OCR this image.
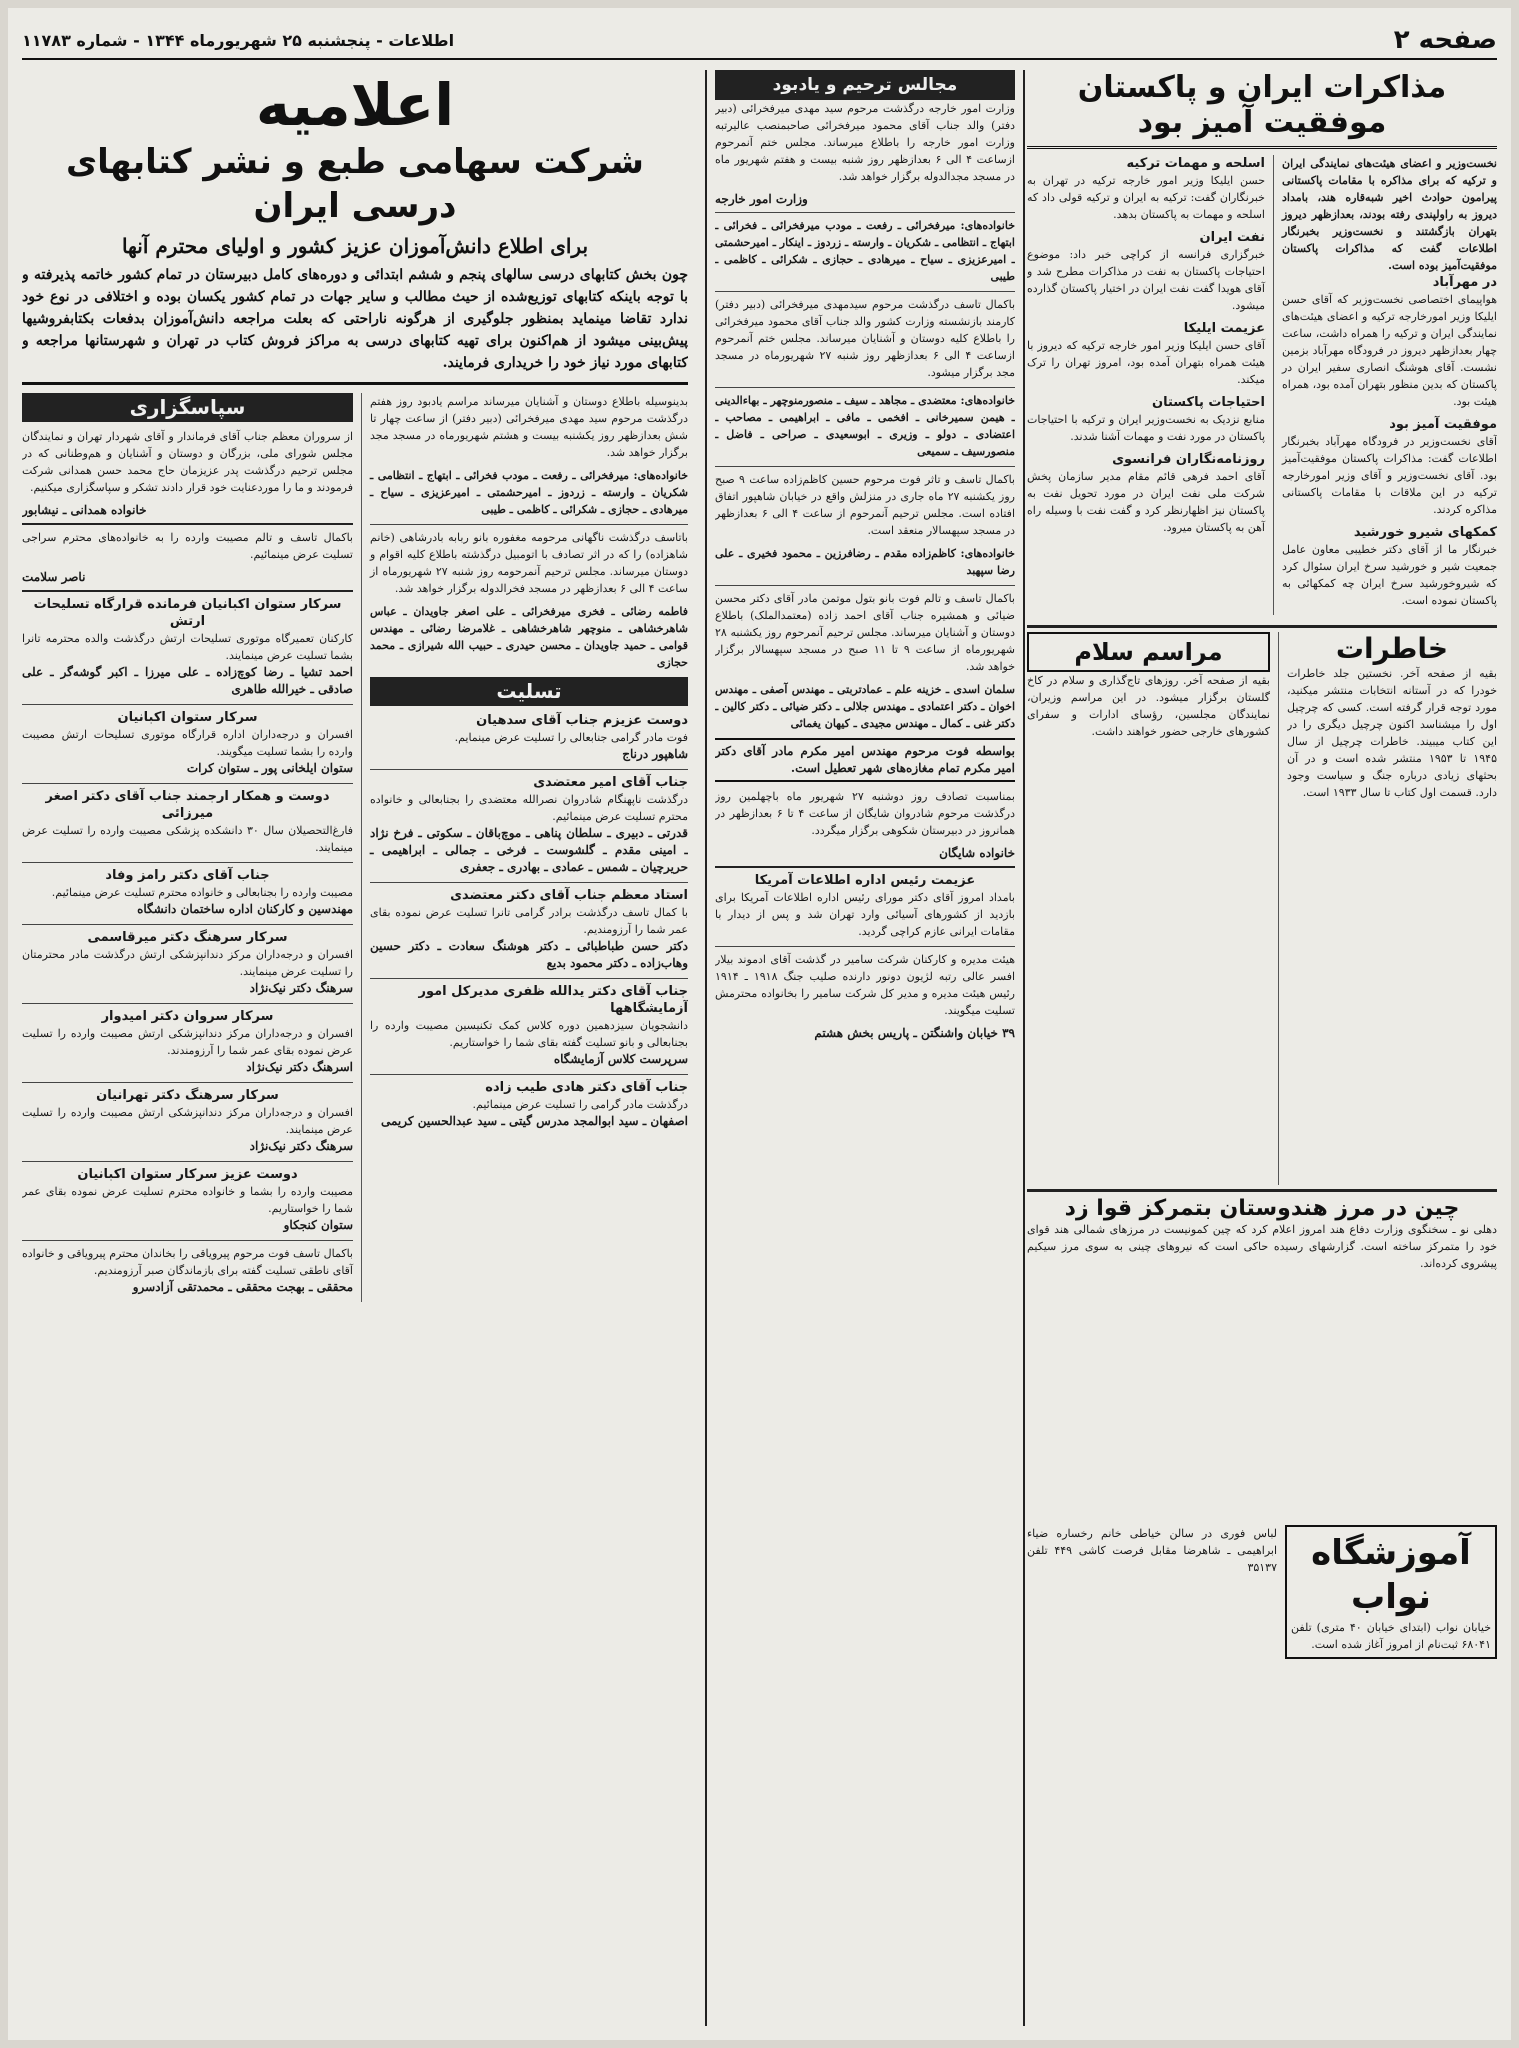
صفحه ۲
اطلاعات - پنجشنبه ۲۵ شهریورماه ۱۳۴۴ - شماره ۱۱۷۸۳
مذاکرات ایران و پاکستان موفقیت آمیز بود
نخست‌وزیر و اعضای هیئت‌های نمایندگی ایران و ترکیه که برای مذاکره با مقامات پاکستانی پیرامون حوادث اخیر شبه‌قاره هند، بامداد دیروز به راولپندی رفته بودند، بعدازظهر دیروز بتهران بازگشتند و نخست‌وزیر بخبرنگار اطلاعات گفت که مذاکرات پاکستان موفقیت‌آمیز بوده است.
در مهرآباد
هواپیمای اختصاصی نخست‌وزیر که آقای حسن ایلیکا وزیر امورخارجه ترکیه و اعضای هیئت‌های نمایندگی ایران و ترکیه را همراه داشت، ساعت چهار بعدازظهر دیروز در فرودگاه مهرآباد بزمین نشست. آقای هوشنگ انصاری سفیر ایران در پاکستان که بدین منظور بتهران آمده بود، همراه هیئت بود.
موفقیت آمیز بود
آقای نخست‌وزیر در فرودگاه مهرآباد بخبرنگار اطلاعات گفت: مذاکرات پاکستان موفقیت‌آمیز بود. آقای نخست‌وزیر و آقای وزیر امورخارجه ترکیه در این ملاقات با مقامات پاکستانی مذاکره کردند.
کمکهای شیرو خورشید
خبرنگار ما از آقای دکتر خطیبی معاون عامل جمعیت شیر و خورشید سرخ ایران سئوال کرد که شیروخورشید سرخ ایران چه کمکهائی به پاکستان نموده است.
اسلحه و مهمات ترکیه
حسن ایلیکا وزیر امور خارجه ترکیه در تهران به خبرنگاران گفت: ترکیه به ایران و ترکیه قولی داد که اسلحه و مهمات به پاکستان بدهد.
نفت ایران
خبرگزاری فرانسه از کراچی خبر داد: موضوع احتیاجات پاکستان به نفت در مذاکرات مطرح شد و آقای هویدا گفت نفت ایران در اختیار پاکستان گذارده میشود.
عزیمت ایلیکا
آقای حسن ایلیکا وزیر امور خارجه ترکیه که دیروز با هیئت همراه بتهران آمده بود، امروز تهران را ترک میکند.
احتیاجات پاکستان
منابع نزدیک به نخست‌وزیر ایران و ترکیه با احتیاجات پاکستان در مورد نفت و مهمات آشنا شدند.
روزنامه‌نگاران فرانسوی
آقای احمد فرهی قائم مقام مدیر سازمان پخش شرکت ملی نفت ایران در مورد تحویل نفت به پاکستان نیز اظهارنظر کرد و گفت نفت با وسیله راه آهن به پاکستان میرود.
خاطرات
بقیه از صفحه آخر. نخستین جلد خاطرات خودرا که در آستانه انتخابات منتشر میکنید، مورد توجه قرار گرفته است. کسی که چرچیل اول را میشناسد اکنون چرچیل دیگری را در این کتاب میبیند. خاطرات چرچیل از سال ۱۹۴۵ تا ۱۹۵۳ منتشر شده است و در آن بحثهای زیادی درباره جنگ و سیاست وجود دارد. قسمت اول کتاب تا سال ۱۹۳۳ است.
مراسم سلام
بقیه از صفحه آخر. روزهای تاج‌گذاری و سلام در کاخ گلستان برگزار میشود. در این مراسم وزیران، نمایندگان مجلسین، رؤسای ادارات و سفرای کشورهای خارجی حضور خواهند داشت.
چین در مرز هندوستان بتمرکز قوا زد
دهلی نو ـ سخنگوی وزارت دفاع هند امروز اعلام کرد که چین کمونیست در مرزهای شمالی هند قوای خود را متمرکز ساخته است. گزارشهای رسیده حاکی است که نیروهای چینی به سوی مرز سیکیم پیشروی کرده‌اند.
آموزشگاه نواب
خیابان نواب (ابتدای خیابان ۴۰ متری) تلفن ۶۸۰۴۱ ثبت‌نام از امروز آغاز شده است.
لباس فوری در سالن خیاطی خانم رخساره ضیاء ابراهیمی ـ شاهرضا مقابل فرصت کاشی ۴۴۹ تلفن ۳۵۱۳۷
مجالس ترحیم و یادبود
وزارت امور خارجه درگذشت مرحوم سید مهدی میرفخرائی (دبیر دفتر) والد جناب آقای محمود میرفخرائی صاحبمنصب عالیرتبه وزارت امور خارجه را باطلاع میرساند. مجلس ختم آنمرحوم ازساعت ۴ الی ۶ بعدازظهر روز شنبه بیست و هفتم شهریور ماه در مسجد مجدالدوله برگزار خواهد شد.
وزارت امور خارجه
خانواده‌های: میرفخرائی ـ رفعت ـ مودب میرفخرائی ـ فخرائی ـ ابتهاج ـ انتظامی ـ شکریان ـ وارسته ـ زردوز ـ اینکار ـ امیرحشمتی ـ امیرعزیزی ـ سیاح ـ میرهادی ـ حجازی ـ شکرائی ـ کاظمی ـ طیبی
باکمال تاسف درگذشت مرحوم سیدمهدی میرفخرائی (دبیر دفتر) کارمند بازنشسته وزارت کشور والد جناب آقای محمود میرفخرائی را باطلاع کلیه دوستان و آشنایان میرساند. مجلس ختم آنمرحوم ازساعت ۴ الی ۶ بعدازظهر روز شنبه ۲۷ شهریورماه در مسجد مجد برگزار میشود.
خانواده‌های: معتضدی ـ مجاهد ـ سیف ـ منصورمنوچهر ـ بهاءالدینی ـ هیمن سمیرخانی ـ افخمی ـ مافی ـ ابراهیمی ـ مصاحب ـ اعتضادی ـ دولو ـ وزیری ـ ابوسعیدی ـ صراحی ـ فاضل ـ منصورسیف ـ سمیعی
باکمال تاسف و تاثر فوت مرحوم حسین کاظم‌زاده ساعت ۹ صبح روز یکشنبه ۲۷ ماه جاری در منزلش واقع در خیابان شاهپور اتفاق افتاده است. مجلس ترحیم آنمرحوم از ساعت ۴ الی ۶ بعدازظهر در مسجد سپهسالار منعقد است.
خانواده‌های: کاظم‌زاده مقدم ـ رضافرزین ـ محمود فخیری ـ علی رضا سپهبد
باکمال تاسف و تالم فوت بانو بتول موتمن مادر آقای دکتر محسن ضیائی و همشیره جناب آقای احمد زاده (معتمدالملک) باطلاع دوستان و آشنایان میرساند. مجلس ترحیم آنمرحوم روز یکشنبه ۲۸ شهریورماه از ساعت ۹ تا ۱۱ صبح در مسجد سپهسالار برگزار خواهد شد.
سلمان اسدی ـ خزینه علم ـ عمادتربتی ـ مهندس آصفی ـ مهندس اخوان ـ دکتر اعتمادی ـ مهندس جلالی ـ دکتر ضیائی ـ دکتر کالین ـ دکتر غنی ـ کمال ـ مهندس مجیدی ـ کیهان یغمائی
بواسطه فوت مرحوم مهندس امیر مکرم مادر آقای دکتر امیر مکرم تمام مغازه‌های شهر تعطیل است.
بمناسبت تصادف روز دوشنبه ۲۷ شهریور ماه باچهلمین روز درگذشت مرحوم شادروان شایگان از ساعت ۴ تا ۶ بعدازظهر در همانروز در دبیرستان شکوهی برگزار میگردد.
خانواده شایگان
عزیمت رئیس اداره اطلاعات آمریکا
بامداد امروز آقای دکتر مورای رئیس اداره اطلاعات آمریکا برای بازدید از کشورهای آسیائی وارد تهران شد و پس از دیدار با مقامات ایرانی عازم کراچی گردید.
هیئت مدیره و کارکنان شرکت سامیر در گذشت آقای ادموند بیلار افسر عالی رتبه لژیون دونور دارنده صلیب جنگ ۱۹۱۸ ـ ۱۹۱۴ رئیس هیئت مدیره و مدیر کل شرکت سامیر را بخانواده محترمش تسلیت میگویند.
۳۹ خیابان واشنگتن ـ پاریس بخش هشتم
اعلامیه
شرکت سهامی طبع و نشر کتابهای درسی ایران
برای اطلاع دانش‌آموزان عزیز کشور و اولیای محترم آنها
چون بخش کتابهای درسی سالهای پنجم و ششم ابتدائی و دوره‌های کامل دبیرستان در تمام کشور خاتمه پذیرفته و با توجه باینکه کتابهای توزیع‌شده از حیث مطالب و سایر جهات در تمام کشور یکسان بوده و اختلافی در نوع خود ندارد تقاضا مینماید بمنظور جلوگیری از هرگونه ناراحتی که بعلت مراجعه دانش‌آموزان بدفعات بکتابفروشیها پیش‌بینی میشود از هم‌اکنون برای تهیه کتابهای درسی به مراکز فروش کتاب در تهران و شهرستانها مراجعه و کتابهای مورد نیاز خود را خریداری فرمایند.
بدینوسیله باطلاع دوستان و آشنایان میرساند مراسم یادبود روز هفتم درگذشت مرحوم سید مهدی میرفخرائی (دبیر دفتر) از ساعت چهار تا شش بعدازظهر روز یکشنبه بیست و هشتم شهریورماه در مسجد مجد برگزار خواهد شد.
خانواده‌های: میرفخرائی ـ رفعت ـ مودب فخرائی ـ ابتهاج ـ انتظامی ـ شکریان ـ وارسته ـ زردوز ـ امیرحشمتی ـ امیرعزیزی ـ سیاح ـ میرهادی ـ حجازی ـ شکرائی ـ کاظمی ـ طیبی
باتاسف درگذشت ناگهانی مرحومه مغفوره بانو ربابه بادرشاهی (خانم شاهزاده) را که در اثر تصادف با اتومبیل درگذشته باطلاع کلیه اقوام و دوستان میرساند. مجلس ترحیم آنمرحومه روز شنبه ۲۷ شهریورماه از ساعت ۴ الی ۶ بعدازظهر در مسجد فخرالدوله برگزار خواهد شد.
فاطمه رضائی ـ فخری میرفخرائی ـ علی اصغر جاویدان ـ عباس شاهرخشاهی ـ منوچهر شاهرخشاهی ـ غلامرضا رضائی ـ مهندس قوامی ـ حمید جاویدان ـ محسن حیدری ـ حبیب الله شیرازی ـ محمد حجازی
تسلیت
دوست عزیزم جناب آقای سدهیان
فوت مادر گرامی جنابعالی را تسلیت عرض مینمایم.
شاهپور درناج
جناب آقای امیر معتضدی
درگذشت ناپهنگام شادروان نصرالله معتضدی را بجنابعالی و خانواده محترم تسلیت عرض مینمائیم.
قدرتی ـ دبیری ـ سلطان پناهی ـ موچ‌باقان ـ سکوتی ـ فرخ نژاد ـ امینی مقدم ـ گلشوست ـ فرخی ـ جمالی ـ ابراهیمی ـ حریرچیان ـ شمس ـ عمادی ـ بهادری ـ جعفری
استاد معظم جناب آقای دکتر معتضدی
با کمال تاسف درگذشت برادر گرامی تانرا تسلیت عرض نموده بقای عمر شما را آرزومندیم.
دکتر حسن طباطبائی ـ دکتر هوشنگ سعادت ـ دکتر حسین وهاب‌زاده ـ دکتر محمود بدیع
جناب آقای دکتر یدالله ظفری مدیرکل امور آزمایشگاهها
دانشجویان سیزدهمین دوره کلاس کمک تکنیسین مصیبت وارده را بجنابعالی و بانو تسلیت گفته بقای شما را خواستاریم.
سرپرست کلاس آزمایشگاه
جناب آقای دکتر هادی طیب زاده
درگذشت مادر گرامی را تسلیت عرض مینمائیم.
اصفهان ـ سید ابوالمجد مدرس گیتی ـ سید عبدالحسین کریمی
سپاسگزاری
از سروران معظم جناب آقای فرماندار و آقای شهردار تهران و نمایندگان مجلس شورای ملی، بزرگان و دوستان و آشنایان و هم‌وطنانی که در مجلس ترحیم درگذشت پدر عزیزمان حاج محمد حسن همدانی شرکت فرمودند و ما را موردعنایت خود قرار دادند تشکر و سپاسگزاری میکنیم.
خانواده همدانی ـ نیشابور
باکمال تاسف و تالم مصیبت وارده را به خانواده‌های محترم سراجی تسلیت عرض مینمائیم.
ناصر سلامت
سرکار ستوان اکبانیان فرمانده قرارگاه تسلیحات ارتش
کارکنان تعمیرگاه موتوری تسلیحات ارتش درگذشت والده محترمه تانرا بشما تسلیت عرض مینمایند.
احمد تشیا ـ رضا کوچ‌زاده ـ علی میرزا ـ اکبر گوشه‌گر ـ علی صادقی ـ خیرالله طاهری
سرکار ستوان اکبانیان
افسران و درجه‌داران اداره قرارگاه موتوری تسلیحات ارتش مصیبت وارده را بشما تسلیت میگویند.
ستوان ایلخانی پور ـ ستوان کرات
دوست و همکار ارجمند جناب آقای دکتر اصغر میرزائی
فارغ‌التحصیلان سال ۳۰ دانشکده پزشکی مصیبت وارده را تسلیت عرض مینمایند.
جناب آقای دکتر رامز وفاد
مصیبت وارده را بجنابعالی و خانواده محترم تسلیت عرض مینمائیم.
مهندسین و کارکنان اداره ساختمان دانشگاه
سرکار سرهنگ دکتر میرقاسمی
افسران و درجه‌داران مرکز دندانپزشکی ارتش درگذشت مادر محترمتان را تسلیت عرض مینمایند.
سرهنگ دکتر نیک‌نژاد
سرکار سروان دکتر امیدوار
افسران و درجه‌داران مرکز دندانپزشکی ارتش مصیبت وارده را تسلیت عرض نموده بقای عمر شما را آرزومندند.
اسرهنگ دکتر نیک‌نژاد
سرکار سرهنگ دکتر تهرانیان
افسران و درجه‌داران مرکز دندانپزشکی ارتش مصیبت وارده را تسلیت عرض مینمایند.
سرهنگ دکتر نیک‌نژاد
دوست عزیز سرکار ستوان اکبانیان
مصیبت وارده را بشما و خانواده محترم تسلیت عرض نموده بقای عمر شما را خواستاریم.
ستوان کنجکاو
باکمال تاسف فوت مرحوم پیرویاقی را بخاندان محترم پیرویاقی و خانواده آقای ناطقی تسلیت گفته برای بازماندگان صبر آرزومندیم.
محققی ـ بهجت محققی ـ محمدتقی آزادسرو
